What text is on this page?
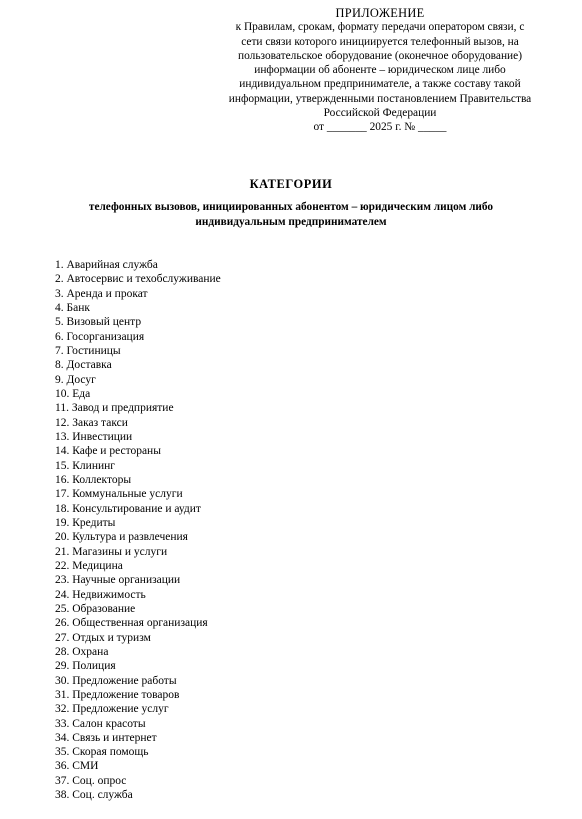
ПРИЛОЖЕНИЕ
к Правилам, срокам, формату передачи оператором связи, с
сети связи которого инициируется телефонный вызов, на
пользовательское оборудование (оконечное оборудование)
информации об абоненте – юридическом лице либо
индивидуальном предпринимателе, а также составу такой
информации, утвержденными постановлением Правительства
Российской Федерации
от _______ 2025 г. № _____
КАТЕГОРИИ
телефонных вызовов, инициированных абонентом – юридическим лицом либо
индивидуальным предпринимателем
1. Аварийная служба
2. Автосервис и техобслуживание
3. Аренда и прокат
4. Банк
5. Визовый центр
6. Госорганизация
7. Гостиницы
8. Доставка
9. Досуг
10. Еда
11. Завод и предприятие
12. Заказ такси
13. Инвестиции
14. Кафе и рестораны
15. Клининг
16. Коллекторы
17. Коммунальные услуги
18. Консультирование и аудит
19. Кредиты
20. Культура и развлечения
21. Магазины и услуги
22. Медицина
23. Научные организации
24. Недвижимость
25. Образование
26. Общественная организация
27. Отдых и туризм
28. Охрана
29. Полиция
30. Предложение работы
31. Предложение товаров
32. Предложение услуг
33. Салон красоты
34. Связь и интернет
35. Скорая помощь
36. СМИ
37. Соц. опрос
38. Соц. служба
